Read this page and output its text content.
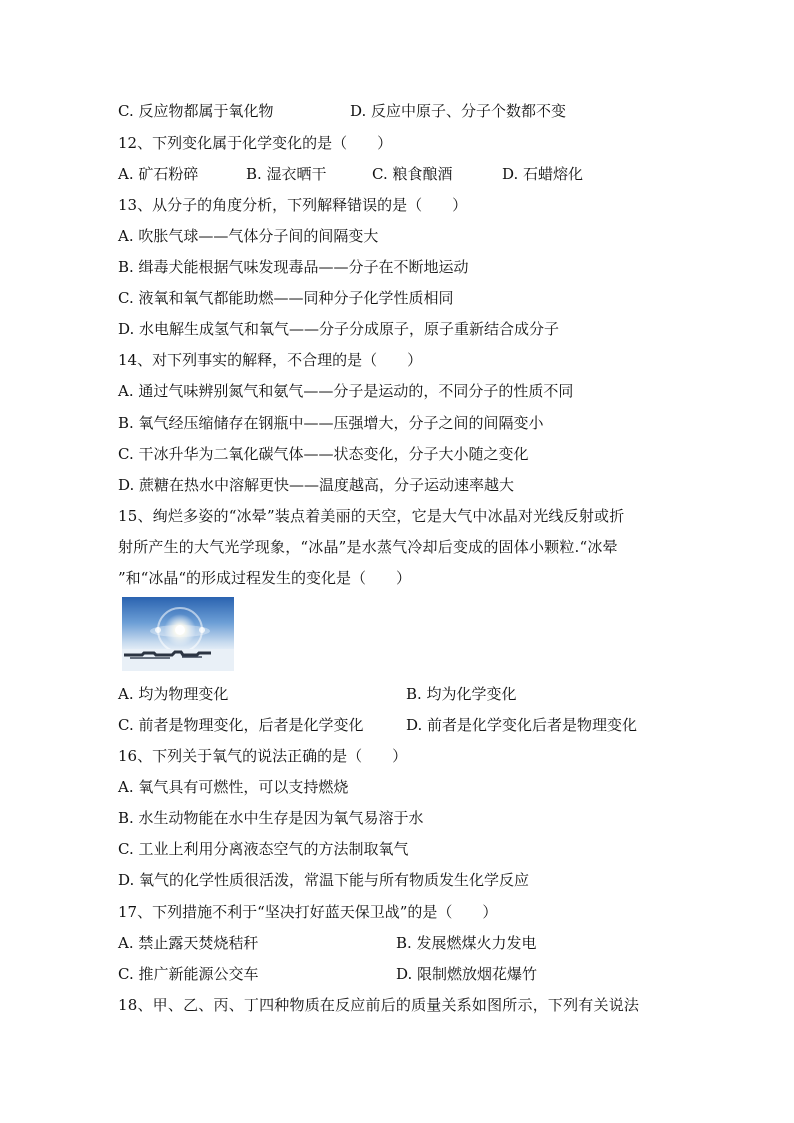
C. 反应物都属于氧化物	D. 反应中原子、分子个数都不变
12、下列变化属于化学变化的是（　　）
A. 矿石粉碎	B. 湿衣晒干	C. 粮食酿酒	D. 石蜡熔化
13、从分子的角度分析，下列解释错误的是（　　）
A. 吹胀气球——气体分子间的间隔变大
B. 缉毒犬能根据气味发现毒品——分子在不断地运动
C. 液氧和氧气都能助燃——同种分子化学性质相同
D. 水电解生成氢气和氧气——分子分成原子，原子重新结合成分子
14、对下列事实的解释，不合理的是（　　）
A. 通过气味辨别氮气和氨气——分子是运动的，不同分子的性质不同
B. 氧气经压缩储存在钢瓶中——压强增大，分子之间的间隔变小
C. 干冰升华为二氧化碳气体——状态变化，分子大小随之变化
D. 蔗糖在热水中溶解更快——温度越高，分子运动速率越大
15、绚烂多姿的“冰晕”装点着美丽的天空，它是大气中冰晶对光线反射或折
射所产生的大气光学现象，“冰晶”是水蒸气冷却后变成的固体小颗粒.“冰晕
”和“冰晶“的形成过程发生的变化是（　　）
A. 均为物理变化	B. 均为化学变化
C. 前者是物理变化，后者是化学变化	D. 前者是化学变化后者是物理变化
16、下列关于氧气的说法正确的是（　　）
A. 氧气具有可燃性，可以支持燃烧
B. 水生动物能在水中生存是因为氧气易溶于水
C. 工业上利用分离液态空气的方法制取氧气
D. 氧气的化学性质很活泼，常温下能与所有物质发生化学反应
17、下列措施不利于“坚决打好蓝天保卫战”的是（　　）
A. 禁止露天焚烧秸秆	B. 发展燃煤火力发电
C. 推广新能源公交车	D. 限制燃放烟花爆竹
18、甲、乙、丙、丁四种物质在反应前后的质量关系如图所示，下列有关说法
